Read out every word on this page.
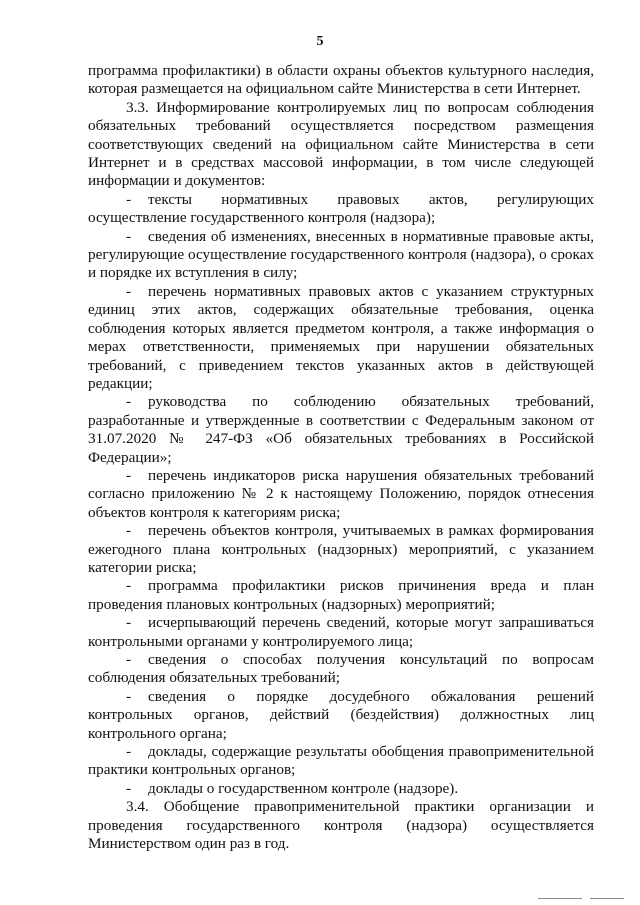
5

программа профилактики) в области охраны объектов культурного наследия, которая размещается на официальном сайте Министерства в сети Интернет.

3.3. Информирование контролируемых лиц по вопросам соблюдения обязательных требований осуществляется посредством размещения соответствующих сведений на официальном сайте Министерства в сети Интернет и в средствах массовой информации, в том числе следующей информации и документов:

- тексты нормативных правовых актов, регулирующих осуществление государственного контроля (надзора);

- сведения об изменениях, внесенных в нормативные правовые акты, регулирующие осуществление государственного контроля (надзора), о сроках и порядке их вступления в силу;

- перечень нормативных правовых актов с указанием структурных единиц этих актов, содержащих обязательные требования, оценка соблюдения которых является предметом контроля, а также информация о мерах ответственности, применяемых при нарушении обязательных требований, с приведением текстов указанных актов в действующей редакции;

- руководства по соблюдению обязательных требований, разработанные и утвержденные в соответствии с Федеральным законом от 31.07.2020 № 247-ФЗ «Об обязательных требованиях в Российской Федерации»;

- перечень индикаторов риска нарушения обязательных требований согласно приложению № 2 к настоящему Положению, порядок отнесения объектов контроля к категориям риска;

- перечень объектов контроля, учитываемых в рамках формирования ежегодного плана контрольных (надзорных) мероприятий, с указанием категории риска;

- программа профилактики рисков причинения вреда и план проведения плановых контрольных (надзорных) мероприятий;

- исчерпывающий перечень сведений, которые могут запрашиваться контрольными органами у контролируемого лица;

- сведения о способах получения консультаций по вопросам соблюдения обязательных требований;

- сведения о порядке досудебного обжалования решений контрольных органов, действий (бездействия) должностных лиц контрольного органа;

- доклады, содержащие результаты обобщения правоприменительной практики контрольных органов;

- доклады о государственном контроле (надзоре).

3.4. Обобщение правоприменительной практики организации и проведения государственного контроля (надзора) осуществляется Министерством один раз в год.
